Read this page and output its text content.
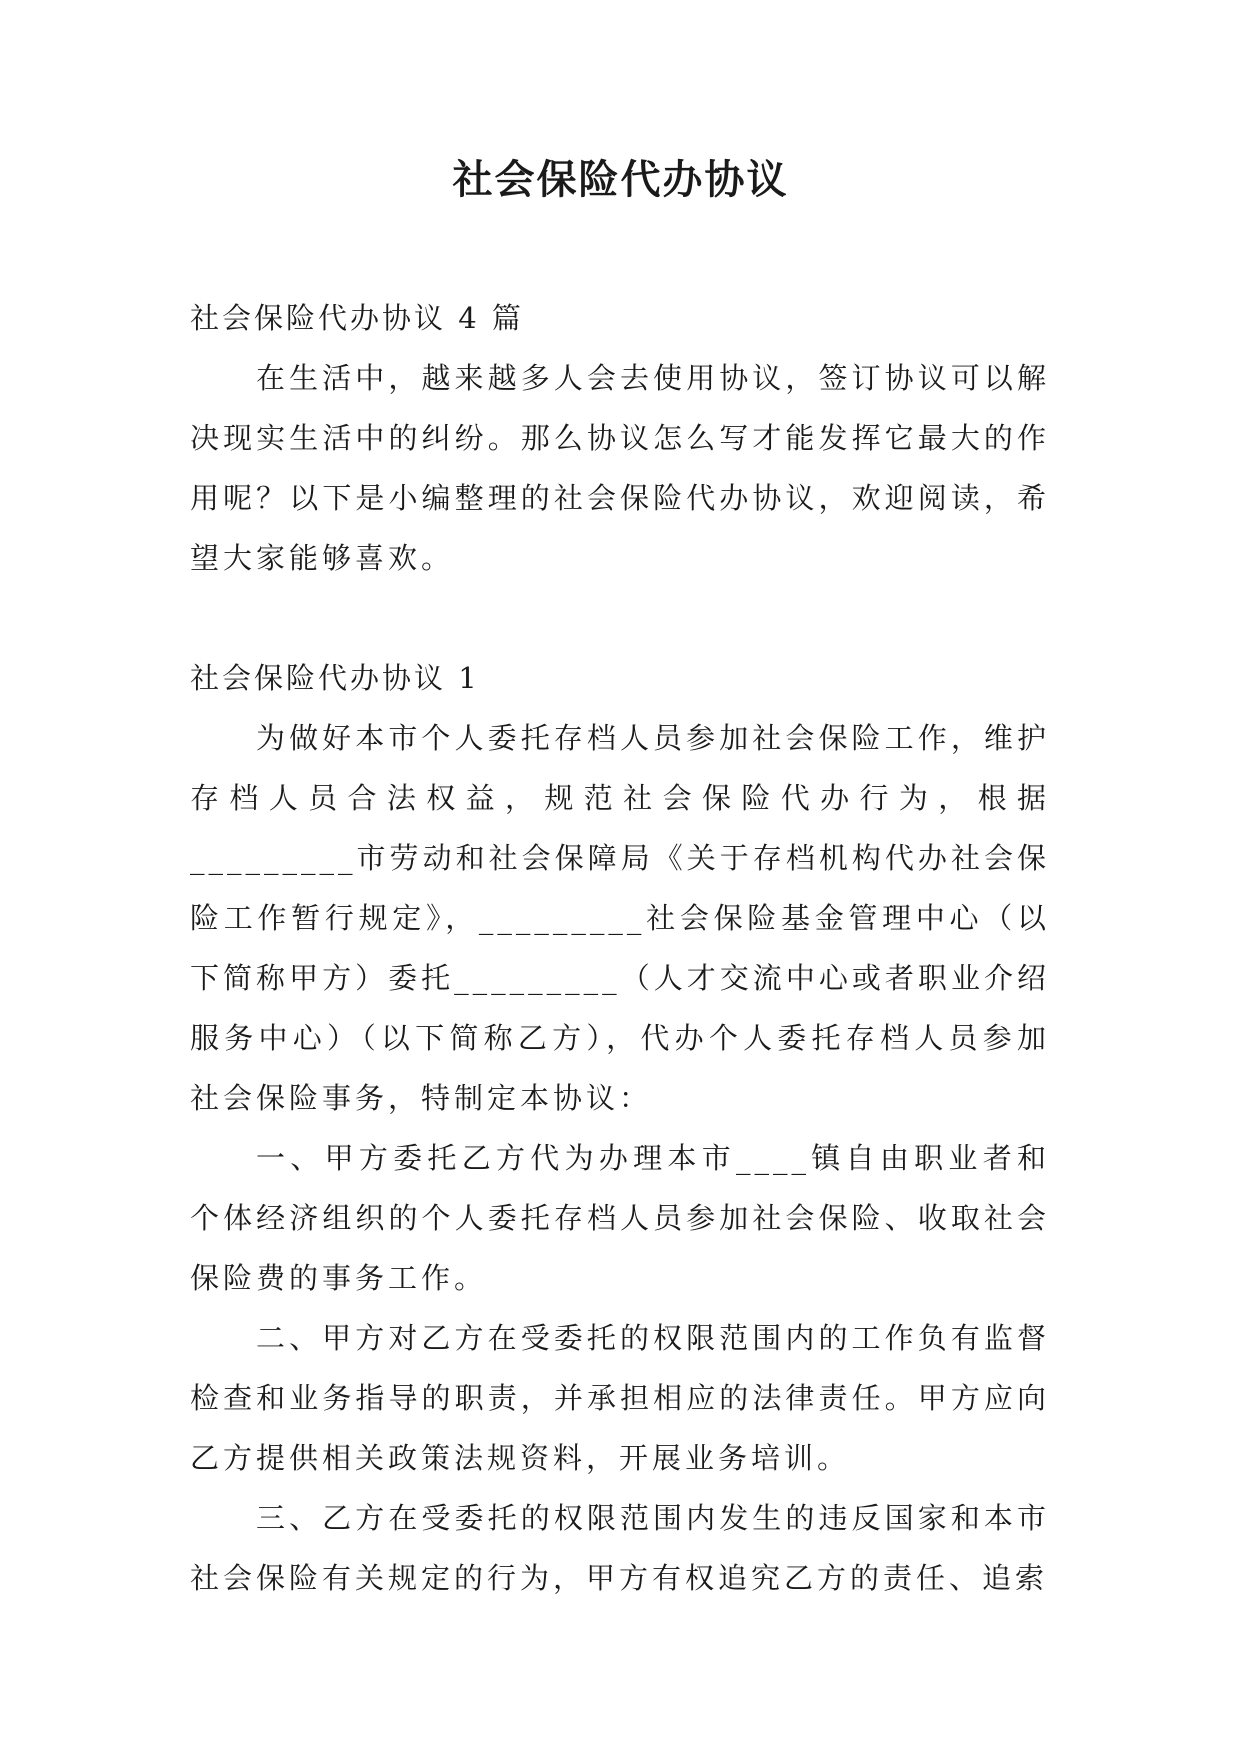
社会保险代办协议

社会保险代办协议 4 篇

在生活中，越来越多人会去使用协议，签订协议可以解决现实生活中的纠纷。那么协议怎么写才能发挥它最大的作用呢？以下是小编整理的社会保险代办协议，欢迎阅读，希望大家能够喜欢。

社会保险代办协议 1

为做好本市个人委托存档人员参加社会保险工作，维护存档人员合法权益，规范社会保险代办行为，根据_________市劳动和社会保障局《关于存档机构代办社会保险工作暂行规定》，_________社会保险基金管理中心（以下简称甲方）委托_________（人才交流中心或者职业介绍服务中心）（以下简称乙方），代办个人委托存档人员参加社会保险事务，特制定本协议：

一、甲方委托乙方代为办理本市____镇自由职业者和个体经济组织的个人委托存档人员参加社会保险、收取社会保险费的事务工作。

二、甲方对乙方在受委托的权限范围内的工作负有监督检查和业务指导的职责，并承担相应的法律责任。甲方应向乙方提供相关政策法规资料，开展业务培训。

三、乙方在受委托的权限范围内发生的违反国家和本市社会保险有关规定的行为，甲方有权追究乙方的责任、追索
